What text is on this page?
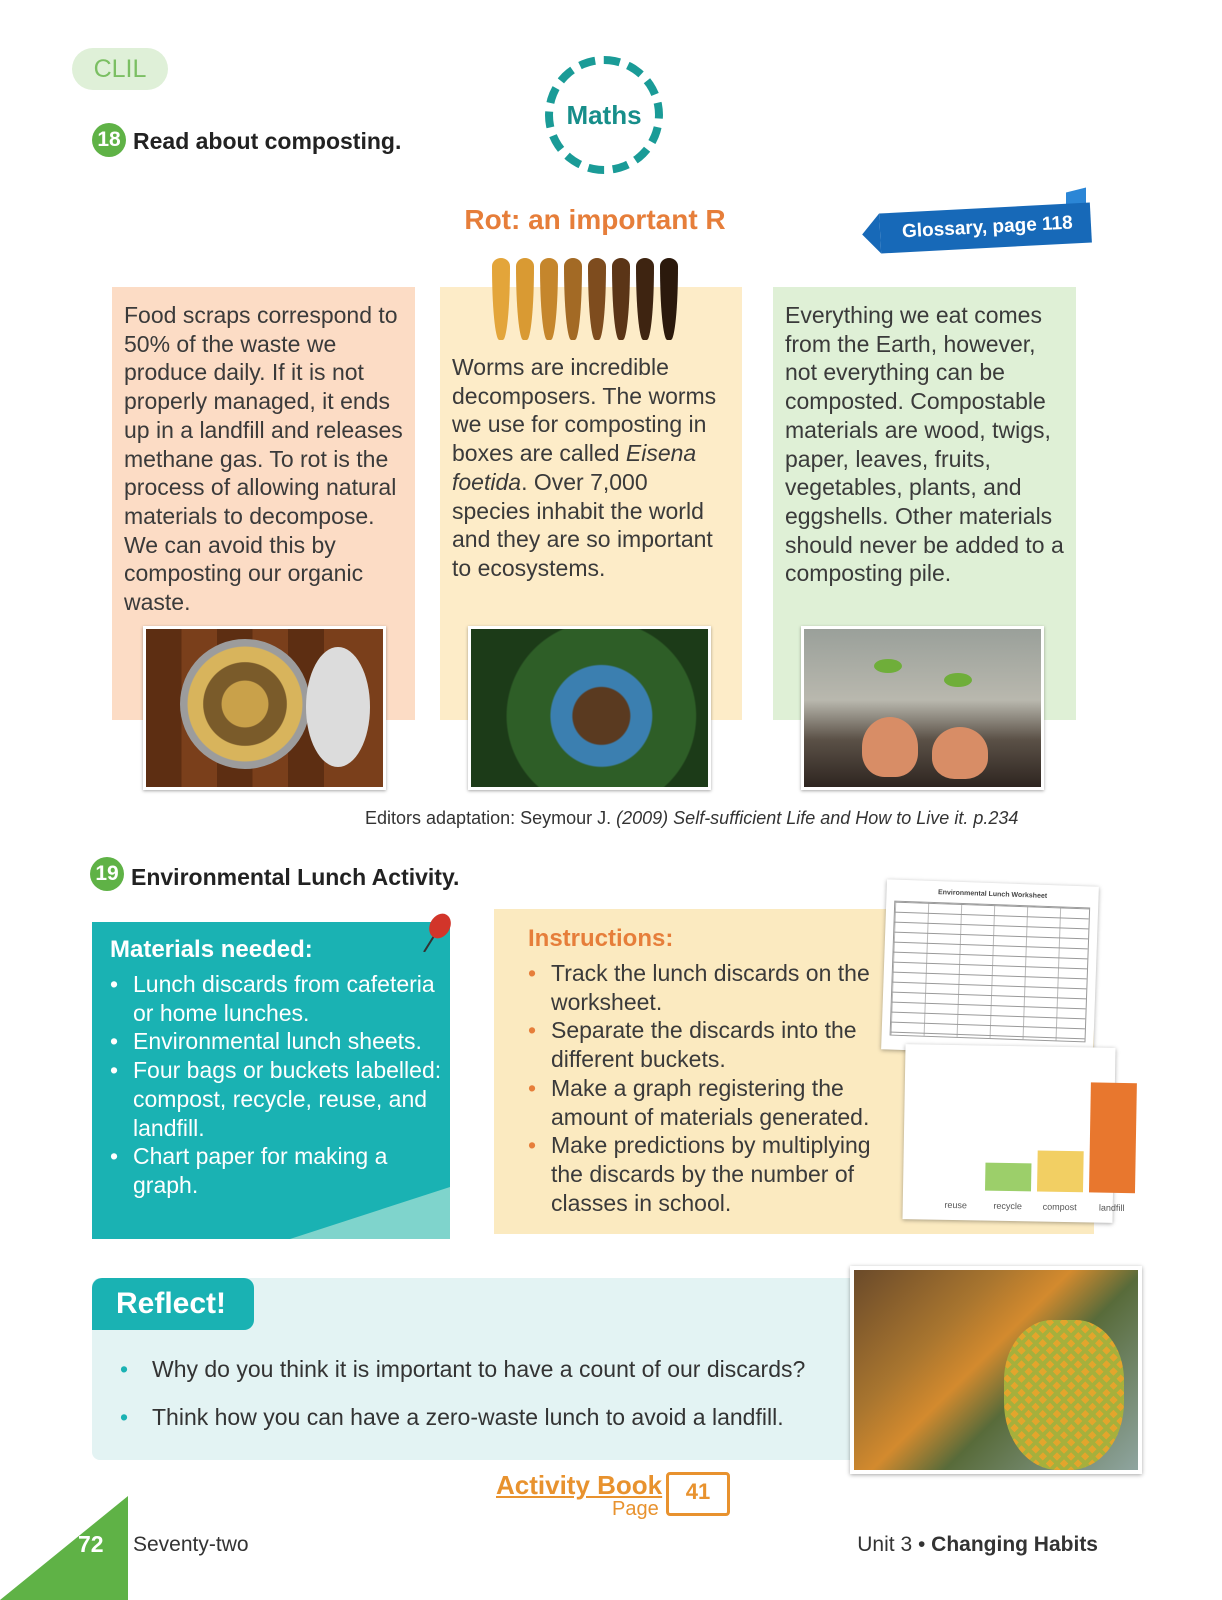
CLIL
Maths
18 Read about composting.
Rot: an important R	Glossary, page 118
Food scraps correspond to 50% of the waste we produce daily. If it is not properly managed, it ends up in a landfill and releases methane gas. To rot is the process of allowing natural materials to decompose. We can avoid this by composting our organic waste.
Worms are incredible decomposers. The worms we use for composting in boxes are called Eisena foetida. Over 7,000 species inhabit the world and they are so important to ecosystems.
Everything we eat comes from the Earth, however, not everything can be composted. Compostable materials are wood, twigs, paper, leaves, fruits, vegetables, plants, and eggshells. Other materials should never be added to a composting pile.
Editors adaptation: Seymour J. (2009) Self-sufficient Life and How to Live it. p.234
19 Environmental Lunch Activity.
Materials needed:
• Lunch discards from cafeteria or home lunches.
• Environmental lunch sheets.
• Four bags or buckets labelled: compost, recycle, reuse, and landfill.
• Chart paper for making a graph.
Instructions:
• Track the lunch discards on the worksheet.
• Separate the discards into the different buckets.
• Make a graph registering the amount of materials generated.
• Make predictions by multiplying the discards by the number of classes in school.
Environmental Lunch Worksheet
reuse	recycle	compost	landfill
Reflect!
• Why do you think it is important to have a count of our discards?
• Think how you can have a zero-waste lunch to avoid a landfill.
Activity Book
Page
41
72 Seventy-two	Unit 3 • Changing Habits
